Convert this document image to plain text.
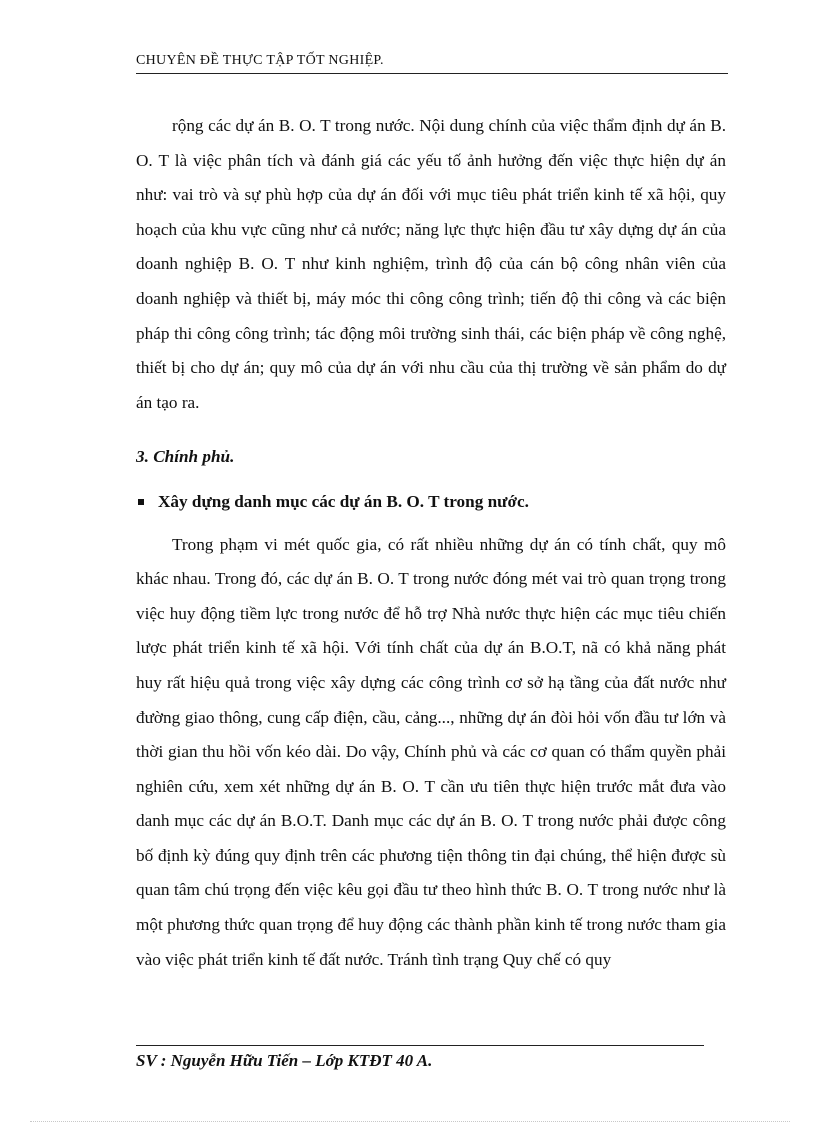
CHUYÊN ĐỀ THỰC TẬP TỐT NGHIỆP.

rộng các dự án B. O. T trong nước. Nội dung chính của việc thẩm định dự án B. O. T là việc phân tích và đánh giá các yếu tố ảnh hưởng đến việc thực hiện dự án như: vai trò và sự phù hợp của dự án đối với mục tiêu phát triển kinh tế xã hội, quy hoạch của khu vực cũng như cả nước; năng lực thực hiện đầu tư xây dựng dự án của doanh nghiệp B. O. T như kinh nghiệm, trình độ của cán bộ công nhân viên của doanh nghiệp và thiết bị, máy móc thi công công trình; tiến độ thi công và các biện pháp thi công công trình; tác động môi trường sinh thái, các biện pháp về công nghệ, thiết bị cho dự án; quy mô của dự án với nhu cầu của thị trường về sản phẩm do dự án tạo ra.

3. Chính phủ.
Xây dựng danh mục các dự án B. O. T trong nước.

Trong phạm vi mét quốc gia, có rất nhiều những dự án có tính chất, quy mô khác nhau. Trong đó, các dự án B. O. T trong nước đóng mét vai trò quan trọng trong việc huy động tiềm lực trong nước để hỗ trợ Nhà nước thực hiện các mục tiêu chiến lược phát triển kinh tế xã hội. Với tính chất của dự án B.O.T, nã có khả năng phát huy rất hiệu quả trong việc xây dựng các công trình cơ sở hạ tầng của đất nước như đường giao thông, cung cấp điện, cầu, cảng..., những dự án đòi hỏi vốn đầu tư lớn và thời gian thu hồi vốn kéo dài. Do vậy, Chính phủ và các cơ quan có thẩm quyền phải nghiên cứu, xem xét những dự án B. O. T cần ưu tiên thực hiện trước mắt đưa vào danh mục các dự án B.O.T. Danh mục các dự án B. O. T trong nước phải được công bố định kỳ đúng quy định trên các phương tiện thông tin đại chúng, thể hiện được sù quan tâm chú trọng đến việc kêu gọi đầu tư theo hình thức B. O. T trong nước như là một phương thức quan trọng để huy động các thành phần kinh tế trong nước tham gia vào việc phát triển kinh tế đất nước. Tránh tình trạng Quy chế có quy

SV : Nguyễn Hữu Tiến – Lớp KTĐT 40 A.
